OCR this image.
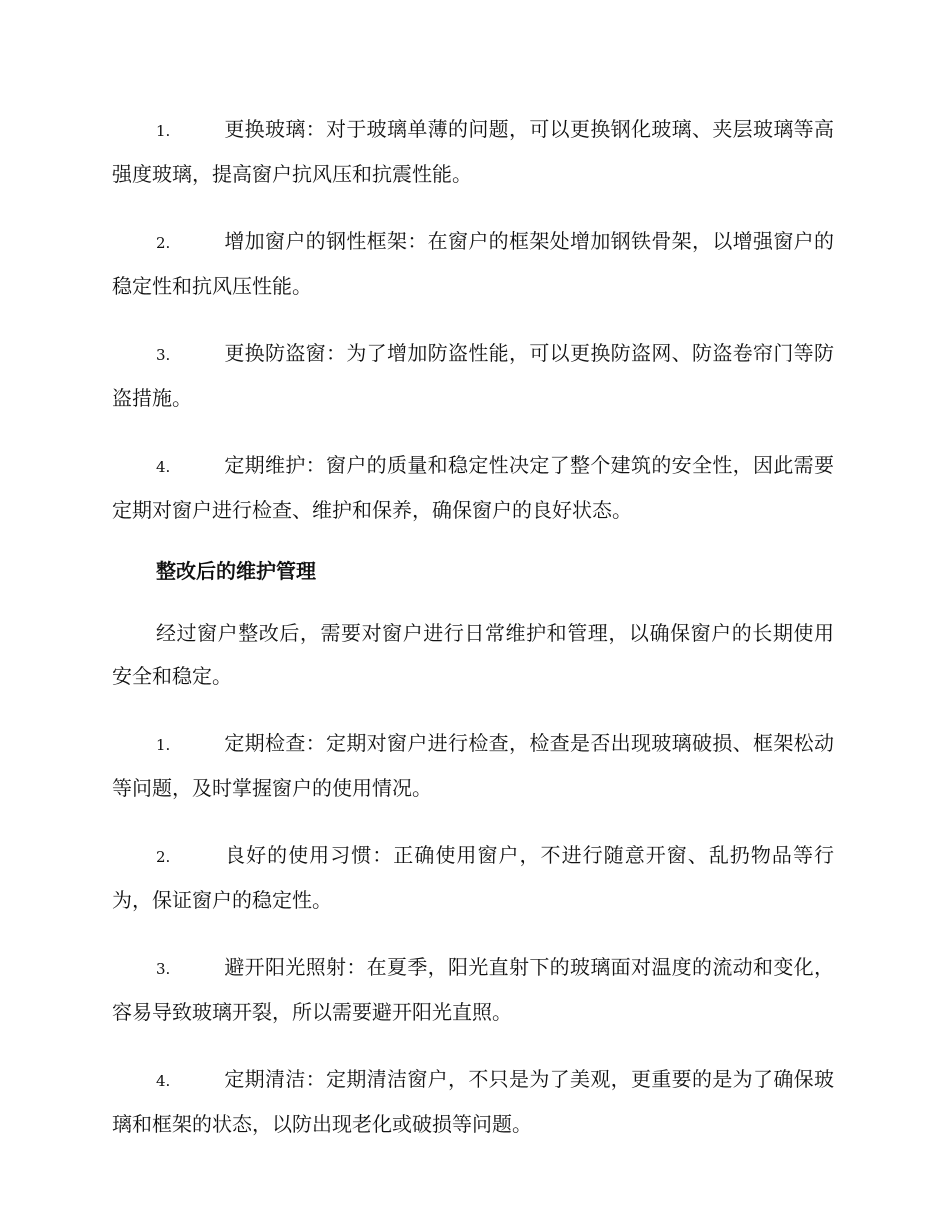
1.	更换玻璃：对于玻璃单薄的问题，可以更换钢化玻璃、夹层玻璃等高强度玻璃，提高窗户抗风压和抗震性能。

2.	增加窗户的钢性框架：在窗户的框架处增加钢铁骨架，以增强窗户的稳定性和抗风压性能。

3.	更换防盗窗：为了增加防盗性能，可以更换防盗网、防盗卷帘门等防盗措施。

4.	定期维护：窗户的质量和稳定性决定了整个建筑的安全性，因此需要定期对窗户进行检查、维护和保养，确保窗户的良好状态。

整改后的维护管理

经过窗户整改后，需要对窗户进行日常维护和管理，以确保窗户的长期使用安全和稳定。

1.	定期检查：定期对窗户进行检查，检查是否出现玻璃破损、框架松动等问题，及时掌握窗户的使用情况。

2.	良好的使用习惯：正确使用窗户，不进行随意开窗、乱扔物品等行为，保证窗户的稳定性。

3.	避开阳光照射：在夏季，阳光直射下的玻璃面对温度的流动和变化，容易导致玻璃开裂，所以需要避开阳光直照。

4.	定期清洁：定期清洁窗户，不只是为了美观，更重要的是为了确保玻璃和框架的状态，以防出现老化或破损等问题。
